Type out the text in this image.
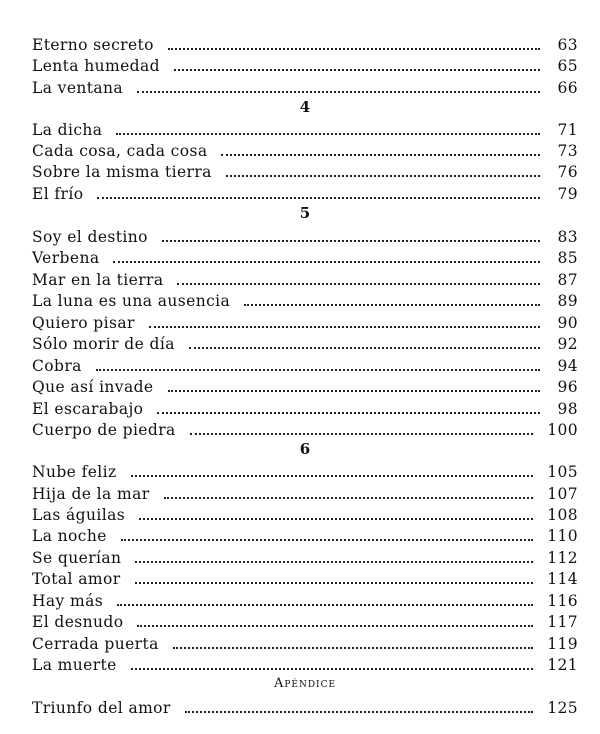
Eterno secreto	63
Lenta humedad	65
La ventana	66
4
La dicha	71
Cada cosa, cada cosa	73
Sobre la misma tierra	76
El frío	79
5
Soy el destino	83
Verbena	85
Mar en la tierra	87
La luna es una ausencia	89
Quiero pisar	90
Sólo morir de día	92
Cobra	94
Que así invade	96
El escarabajo	98
Cuerpo de piedra	100
6
Nube feliz	105
Hija de la mar	107
Las águilas	108
La noche	110
Se querían	112
Total amor	114
Hay más	116
El desnudo	117
Cerrada puerta	119
La muerte	121
Apéndice
Triunfo del amor	125
